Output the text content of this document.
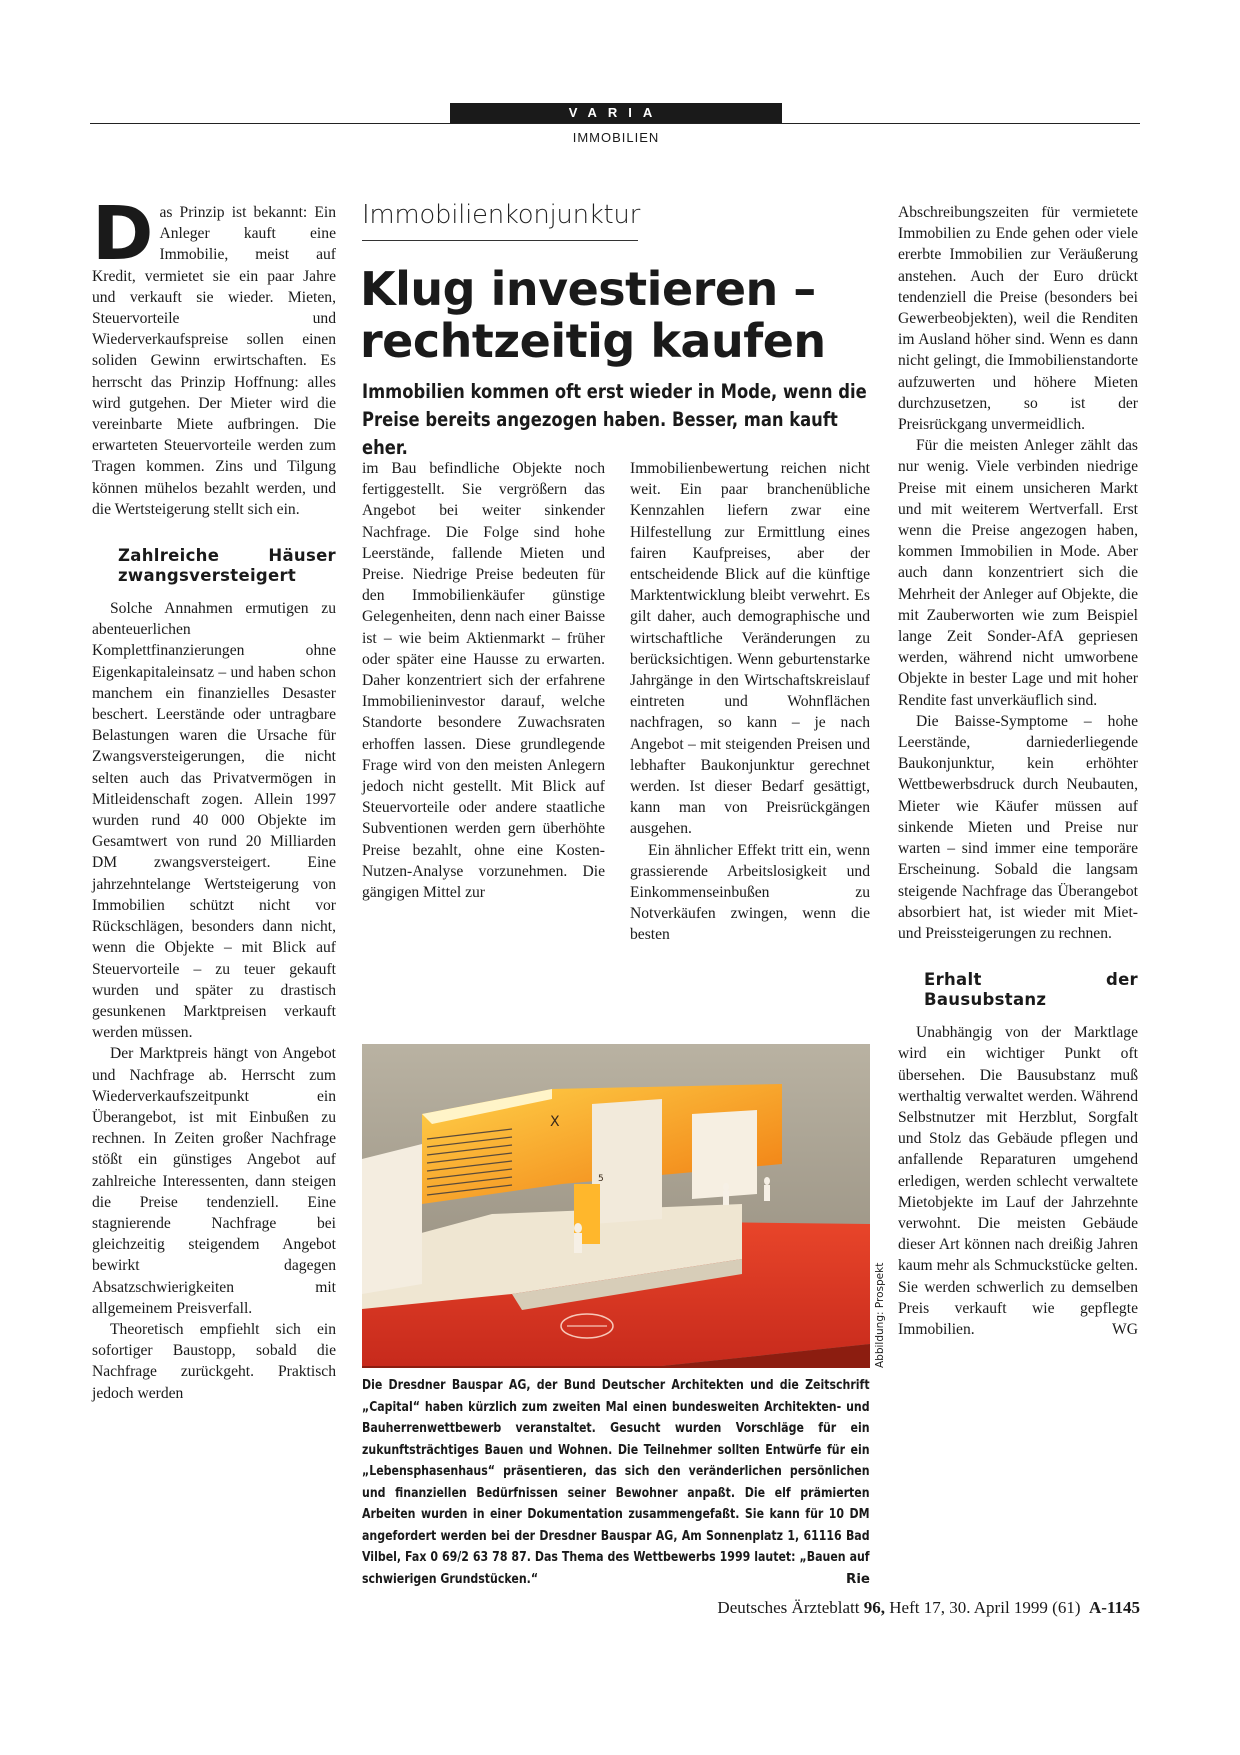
VARIA
IMMOBILIEN

Das Prinzip ist bekannt: Ein Anleger kauft eine Immobilie, meist auf Kredit, vermietet sie ein paar Jahre und verkauft sie wieder. Mieten, Steuervorteile und Wiederverkaufspreise sollen einen soliden Gewinn erwirtschaften. Es herrscht das Prinzip Hoffnung: alles wird gutgehen. Der Mieter wird die vereinbarte Miete aufbringen. Die erwarteten Steuervorteile werden zum Tragen kommen. Zins und Tilgung können mühelos bezahlt werden, und die Wertsteigerung stellt sich ein.

Zahlreiche Häuser zwangsversteigert

Solche Annahmen ermutigen zu abenteuerlichen Komplettfinanzierungen ohne Eigenkapitaleinsatz – und haben schon manchem ein finanzielles Desaster beschert. Leerstände oder untragbare Belastungen waren die Ursache für Zwangsversteigerungen, die nicht selten auch das Privatvermögen in Mitleidenschaft zogen. Allein 1997 wurden rund 40 000 Objekte im Gesamtwert von rund 20 Milliarden DM zwangsversteigert. Eine jahrzehntelange Wertsteigerung von Immobilien schützt nicht vor Rückschlägen, besonders dann nicht, wenn die Objekte – mit Blick auf Steuervorteile – zu teuer gekauft wurden und später zu drastisch gesunkenen Marktpreisen verkauft werden müssen.

Der Marktpreis hängt von Angebot und Nachfrage ab. Herrscht zum Wiederverkaufszeitpunkt ein Überangebot, ist mit Einbußen zu rechnen. In Zeiten großer Nachfrage stößt ein günstiges Angebot auf zahlreiche Interessenten, dann steigen die Preise tendenziell. Eine stagnierende Nachfrage bei gleichzeitig steigendem Angebot bewirkt dagegen Absatzschwierigkeiten mit allgemeinem Preisverfall.

Theoretisch empfiehlt sich ein sofortiger Baustopp, sobald die Nachfrage zurückgeht. Praktisch jedoch werden

Immobilienkonjunktur
Klug investieren –
rechtzeitig kaufen
Immobilien kommen oft erst wieder in Mode, wenn die Preise bereits angezogen haben. Besser, man kauft eher.

im Bau befindliche Objekte noch fertiggestellt. Sie vergrößern das Angebot bei weiter sinkender Nachfrage. Die Folge sind hohe Leerstände, fallende Mieten und Preise. Niedrige Preise bedeuten für den Immobilienkäufer günstige Gelegenheiten, denn nach einer Baisse ist – wie beim Aktienmarkt – früher oder später eine Hausse zu erwarten. Daher konzentriert sich der erfahrene Immobilieninvestor darauf, welche Standorte besondere Zuwachsraten erhoffen lassen. Diese grundlegende Frage wird von den meisten Anlegern jedoch nicht gestellt. Mit Blick auf Steuervorteile oder andere staatliche Subventionen werden gern überhöhte Preise bezahlt, ohne eine Kosten-Nutzen-Analyse vorzunehmen. Die gängigen Mittel zur

Immobilienbewertung reichen nicht weit. Ein paar branchenübliche Kennzahlen liefern zwar eine Hilfestellung zur Ermittlung eines fairen Kaufpreises, aber der entscheidende Blick auf die künftige Marktentwicklung bleibt verwehrt. Es gilt daher, auch demographische und wirtschaftliche Veränderungen zu berücksichtigen. Wenn geburtenstarke Jahrgänge in den Wirtschaftskreislauf eintreten und Wohnflächen nachfragen, so kann – je nach Angebot – mit steigenden Preisen und lebhafter Baukonjunktur gerechnet werden. Ist dieser Bedarf gesättigt, kann man von Preisrückgängen ausgehen.

Ein ähnlicher Effekt tritt ein, wenn grassierende Arbeitslosigkeit und Einkommenseinbußen zu Notverkäufen zwingen, wenn die besten

Abschreibungszeiten für vermietete Immobilien zu Ende gehen oder viele ererbte Immobilien zur Veräußerung anstehen. Auch der Euro drückt tendenziell die Preise (besonders bei Gewerbeobjekten), weil die Renditen im Ausland höher sind. Wenn es dann nicht gelingt, die Immobilienstandorte aufzuwerten und höhere Mieten durchzusetzen, so ist der Preisrückgang unvermeidlich.

Für die meisten Anleger zählt das nur wenig. Viele verbinden niedrige Preise mit einem unsicheren Markt und mit weiterem Wertverfall. Erst wenn die Preise angezogen haben, kommen Immobilien in Mode. Aber auch dann konzentriert sich die Mehrheit der Anleger auf Objekte, die mit Zauberworten wie zum Beispiel lange Zeit Sonder-AfA gepriesen werden, während nicht umworbene Objekte in bester Lage und mit hoher Rendite fast unverkäuflich sind.

Die Baisse-Symptome – hohe Leerstände, darniederliegende Baukonjunktur, kein erhöhter Wettbewerbsdruck durch Neubauten, Mieter wie Käufer müssen auf sinkende Mieten und Preise nur warten – sind immer eine temporäre Erscheinung. Sobald die langsam steigende Nachfrage das Überangebot absorbiert hat, ist wieder mit Miet- und Preissteigerungen zu rechnen.

Erhalt der Bausubstanz

Unabhängig von der Marktlage wird ein wichtiger Punkt oft übersehen. Die Bausubstanz muß werthaltig verwaltet werden. Während Selbstnutzer mit Herzblut, Sorgfalt und Stolz das Gebäude pflegen und anfallende Reparaturen umgehend erledigen, werden schlecht verwaltete Mietobjekte im Lauf der Jahrzehnte verwohnt. Die meisten Gebäude dieser Art können nach dreißig Jahren kaum mehr als Schmuckstücke gelten. Sie werden schwerlich zu demselben Preis verkauft wie gepflegte Immobilien.	WG

X
5
Abbildung: Prospekt
Die Dresdner Bauspar AG, der Bund Deutscher Architekten und die Zeitschrift „Capital“ haben kürzlich zum zweiten Mal einen bundesweiten Architekten- und Bauherrenwettbewerb veranstaltet. Gesucht wurden Vorschläge für ein zukunftsträchtiges Bauen und Wohnen. Die Teilnehmer sollten Entwürfe für ein „Lebensphasenhaus“ präsentieren, das sich den veränderlichen persönlichen und finanziellen Bedürfnissen seiner Bewohner anpaßt. Die elf prämierten Arbeiten wurden in einer Dokumentation zusammengefaßt. Sie kann für 10 DM angefordert werden bei der Dresdner Bauspar AG, Am Sonnenplatz 1, 61116 Bad Vilbel, Fax 0 69/2 63 78 87. Das Thema des Wettbewerbs 1999 lautet: „Bauen auf schwierigen Grundstücken.“	Rie
Deutsches Ärzteblatt 96, Heft 17, 30. April 1999 (61) A-1145
